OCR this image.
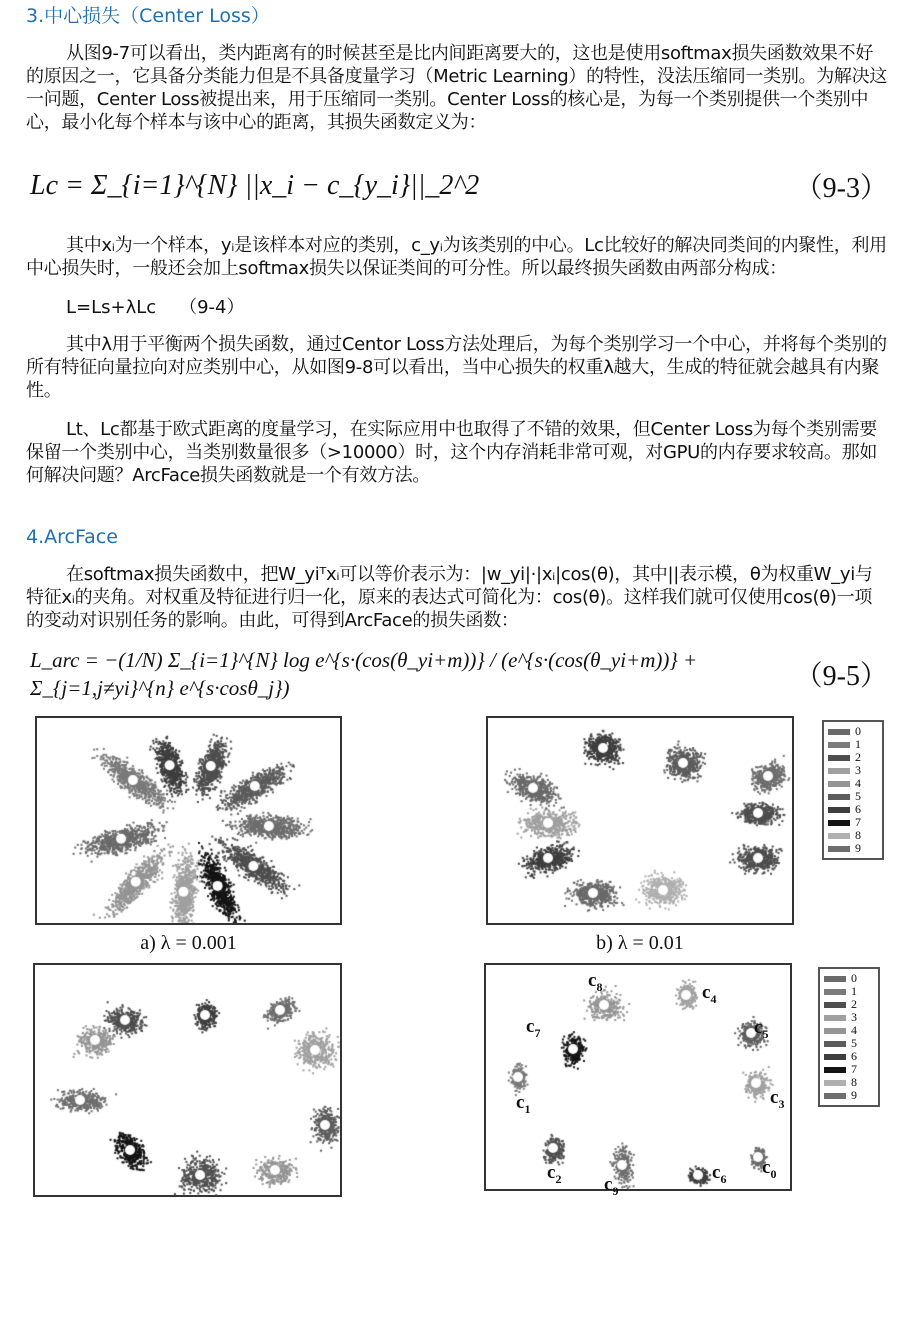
3.中心损失（Center Loss）

从图9-7可以看出，类内距离有的时候甚至是比内间距离要大的，这也是使用softmax损失函数效果不好的原因之一，它具备分类能力但是不具备度量学习（Metric Learning）的特性，没法压缩同一类别。为解决这一问题，Center Loss被提出来，用于压缩同一类别。Center Loss的核心是，为每一个类别提供一个类别中心，最小化每个样本与该中心的距离，其损失函数定义为：

Lc = Σ_{i=1}^{N} ||x_i − c_{y_i}||_2^2	（9-3）

其中xᵢ为一个样本，yᵢ是该样本对应的类别，c_yᵢ为该类别的中心。Lc比较好的解决同类间的内聚性，利用中心损失时，一般还会加上softmax损失以保证类间的可分性。所以最终损失函数由两部分构成：

L=Ls+λLc （9-4）

其中λ用于平衡两个损失函数，通过Centor Loss方法处理后，为每个类别学习一个中心，并将每个类别的所有特征向量拉向对应类别中心，从如图9-8可以看出，当中心损失的权重λ越大，生成的特征就会越具有内聚性。

Lt、Lc都基于欧式距离的度量学习，在实际应用中也取得了不错的效果，但Center Loss为每个类别需要保留一个类别中心，当类别数量很多（>10000）时，这个内存消耗非常可观，对GPU的内存要求较高。那如何解决问题？ArcFace损失函数就是一个有效方法。

4.ArcFace

在softmax损失函数中，把W_yiᵀxᵢ可以等价表示为：|w_yi|·|xᵢ|cos(θ)，其中||表示模，θ为权重W_yi与特征xᵢ的夹角。对权重及特征进行归一化，原来的表达式可简化为：cos(θ)。这样我们就可仅使用cos(θ)一项的变动对识别任务的影响。由此，可得到ArcFace的损失函数：

L_arc = −(1/N) Σ_{i=1}^{N} log e^{s·(cos(θ_yi+m))} / (e^{s·(cos(θ_yi+m))} + Σ_{j=1,j≠yi}^{n} e^{s·cosθ_j})	（9-5）
a) λ = 0.001	b) λ = 0.01
0
1
2
3
4
5
6
7
8
9
$c_0$
$c_1$
$c_2$
$c_3$
$c_4$
$c_5$
$c_6$
$c_7$
$c_8$
$c_9$
0
1
2
3
4
5
6
7
8
9
